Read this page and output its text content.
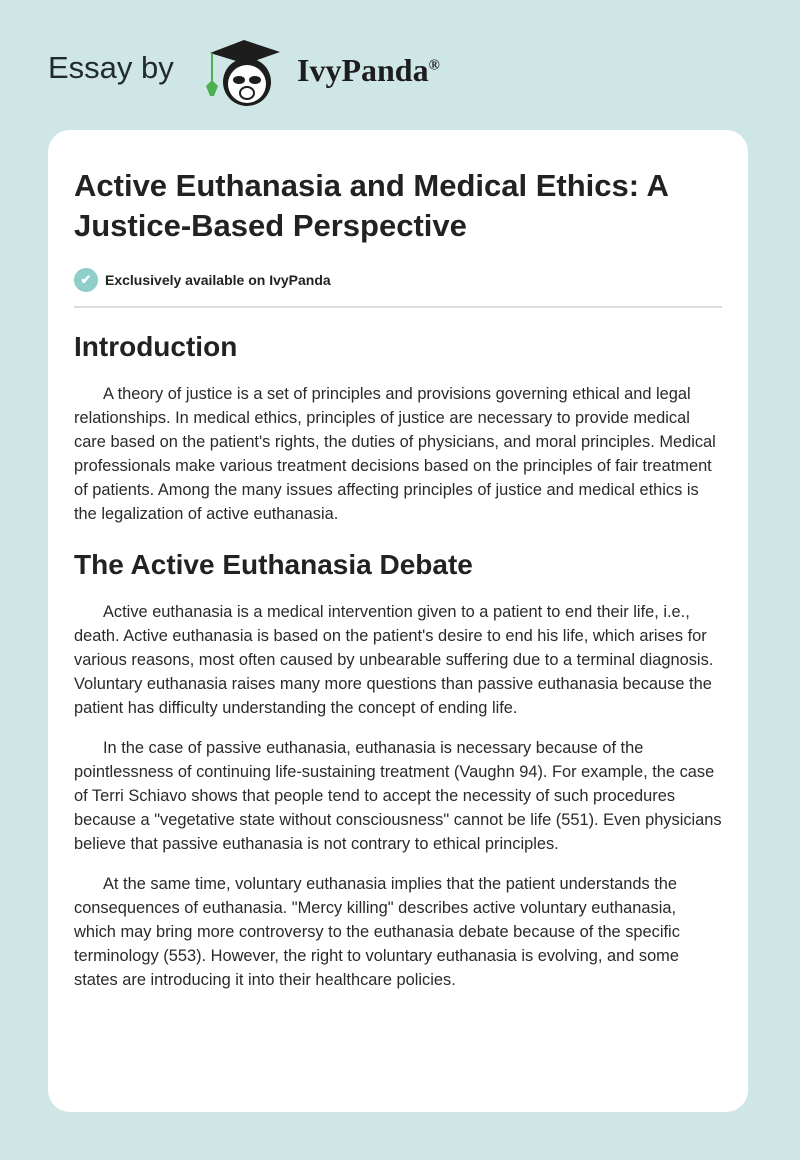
Essay by	IvyPanda®
Active Euthanasia and Medical Ethics: A Justice-Based Perspective
✔ Exclusively available on IvyPanda
Introduction

A theory of justice is a set of principles and provisions governing ethical and legal relationships. In medical ethics, principles of justice are necessary to provide medical care based on the patient's rights, the duties of physicians, and moral principles. Medical professionals make various treatment decisions based on the principles of fair treatment of patients. Among the many issues affecting principles of justice and medical ethics is the legalization of active euthanasia.

The Active Euthanasia Debate

Active euthanasia is a medical intervention given to a patient to end their life, i.e., death. Active euthanasia is based on the patient's desire to end his life, which arises for various reasons, most often caused by unbearable suffering due to a terminal diagnosis. Voluntary euthanasia raises many more questions than passive euthanasia because the patient has difficulty understanding the concept of ending life.

In the case of passive euthanasia, euthanasia is necessary because of the pointlessness of continuing life-sustaining treatment (Vaughn 94). For example, the case of Terri Schiavo shows that people tend to accept the necessity of such procedures because a "vegetative state without consciousness" cannot be life (551). Even physicians believe that passive euthanasia is not contrary to ethical principles.

At the same time, voluntary euthanasia implies that the patient understands the consequences of euthanasia. "Mercy killing" describes active voluntary euthanasia, which may bring more controversy to the euthanasia debate because of the specific terminology (553). However, the right to voluntary euthanasia is evolving, and some states are introducing it into their healthcare policies.
